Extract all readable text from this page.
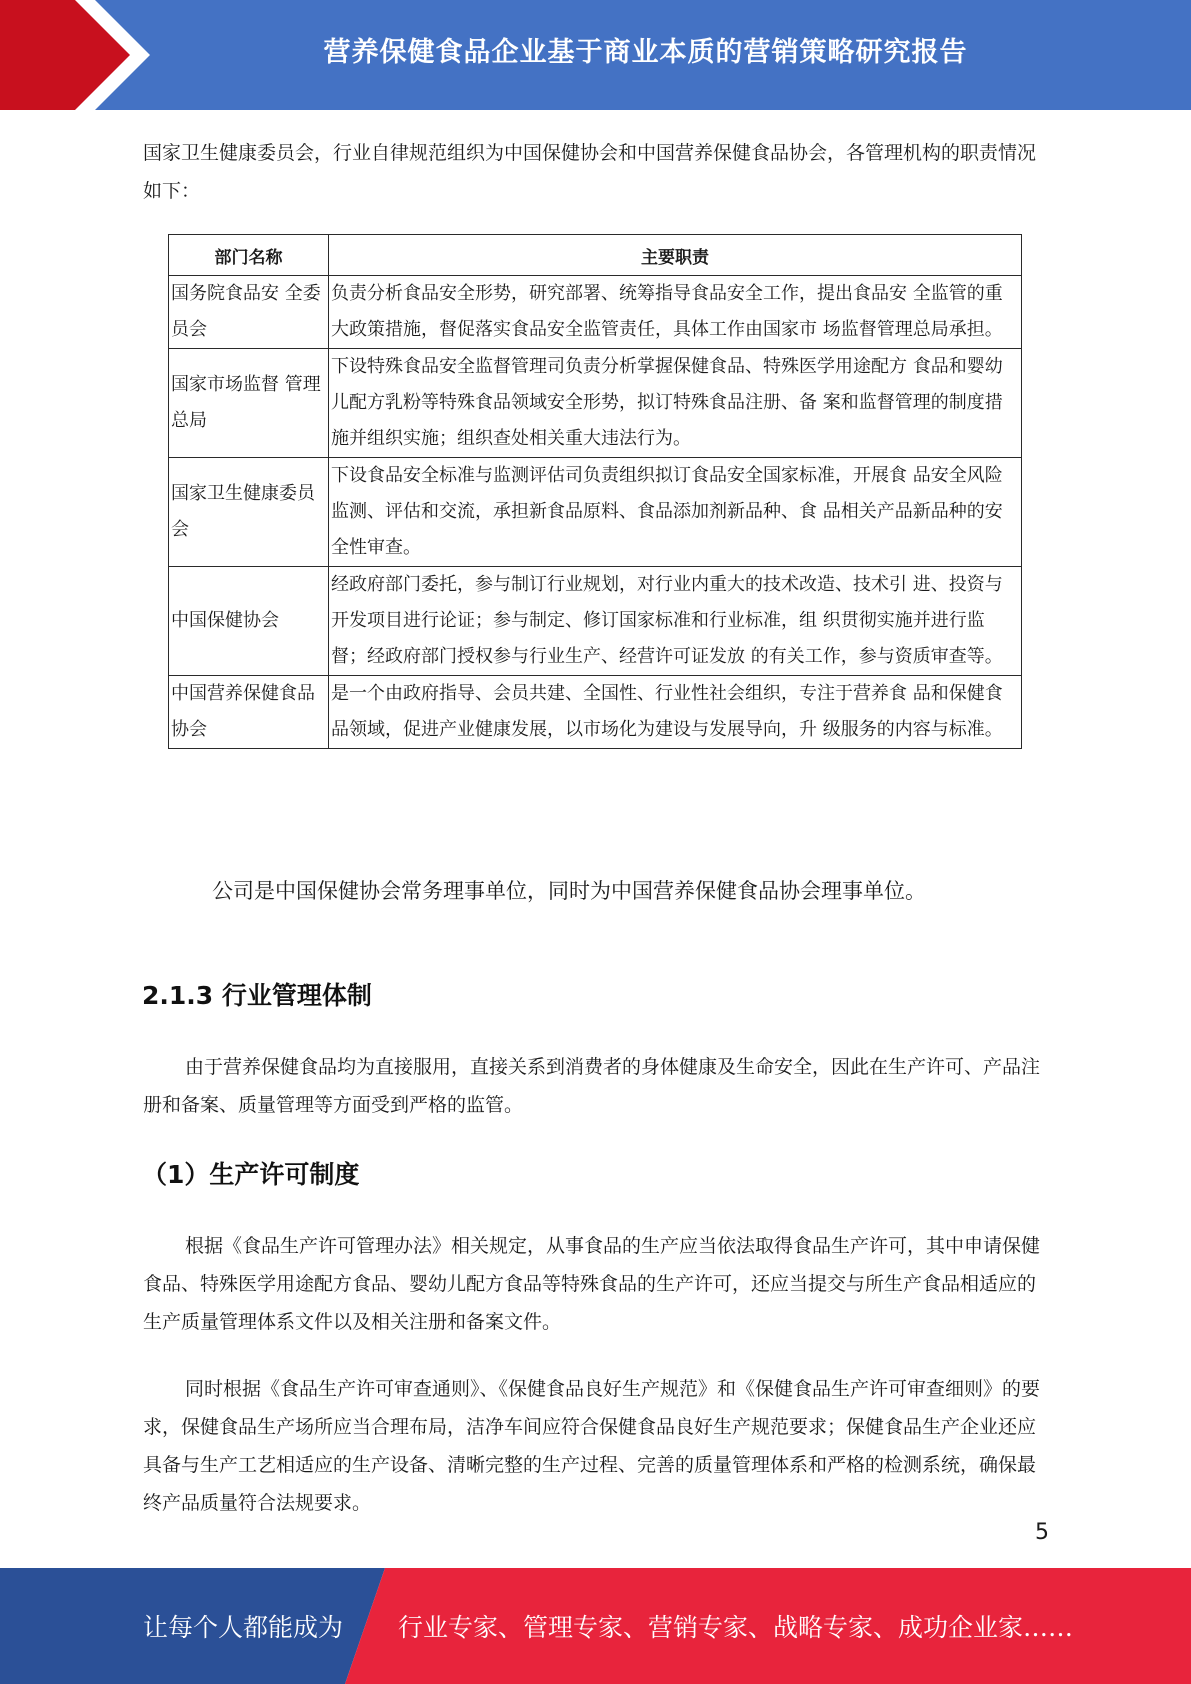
营养保健食品企业基于商业本质的营销策略研究报告

国家卫生健康委员会，行业自律规范组织为中国保健协会和中国营养保健食品协会，各管理机构的职责情况如下：

部门名称	主要职责
国务院食品安 全委员会	负责分析食品安全形势，研究部署、统筹指导食品安全工作，提出食品安 全监管的重大政策措施，督促落实食品安全监管责任，具体工作由国家市 场监督管理总局承担。
国家市场监督 管理总局	下设特殊食品安全监督管理司负责分析掌握保健食品、特殊医学用途配方 食品和婴幼儿配方乳粉等特殊食品领域安全形势，拟订特殊食品注册、备 案和监督管理的制度措施并组织实施；组织查处相关重大违法行为。
国家卫生健康委员会	下设食品安全标准与监测评估司负责组织拟订食品安全国家标准，开展食 品安全风险监测、评估和交流，承担新食品原料、食品添加剂新品种、食 品相关产品新品种的安全性审查。
中国保健协会	经政府部门委托，参与制订行业规划，对行业内重大的技术改造、技术引 进、投资与开发项目进行论证；参与制定、修订国家标准和行业标准，组 织贯彻实施并进行监督；经政府部门授权参与行业生产、经营许可证发放 的有关工作，参与资质审查等。
中国营养保健食品协会	是一个由政府指导、会员共建、全国性、行业性社会组织，专注于营养食 品和保健食品领域，促进产业健康发展，以市场化为建设与发展导向，升 级服务的内容与标准。

公司是中国保健协会常务理事单位，同时为中国营养保健食品协会理事单位。

2.1.3 行业管理体制

由于营养保健食品均为直接服用，直接关系到消费者的身体健康及生命安全，因此在生产许可、产品注册和备案、质量管理等方面受到严格的监管。

（1）生产许可制度

根据《食品生产许可管理办法》相关规定，从事食品的生产应当依法取得食品生产许可，其中申请保健食品、特殊医学用途配方食品、婴幼儿配方食品等特殊食品的生产许可，还应当提交与所生产食品相适应的生产质量管理体系文件以及相关注册和备案文件。

同时根据《食品生产许可审查通则》、《保健食品良好生产规范》和《保健食品生产许可审查细则》的要求，保健食品生产场所应当合理布局，洁净车间应符合保健食品良好生产规范要求；保健食品生产企业还应具备与生产工艺相适应的生产设备、清晰完整的生产过程、完善的质量管理体系和严格的检测系统，确保最终产品质量符合法规要求。

5
让每个人都能成为 行业专家、管理专家、营销专家、战略专家、成功企业家……
